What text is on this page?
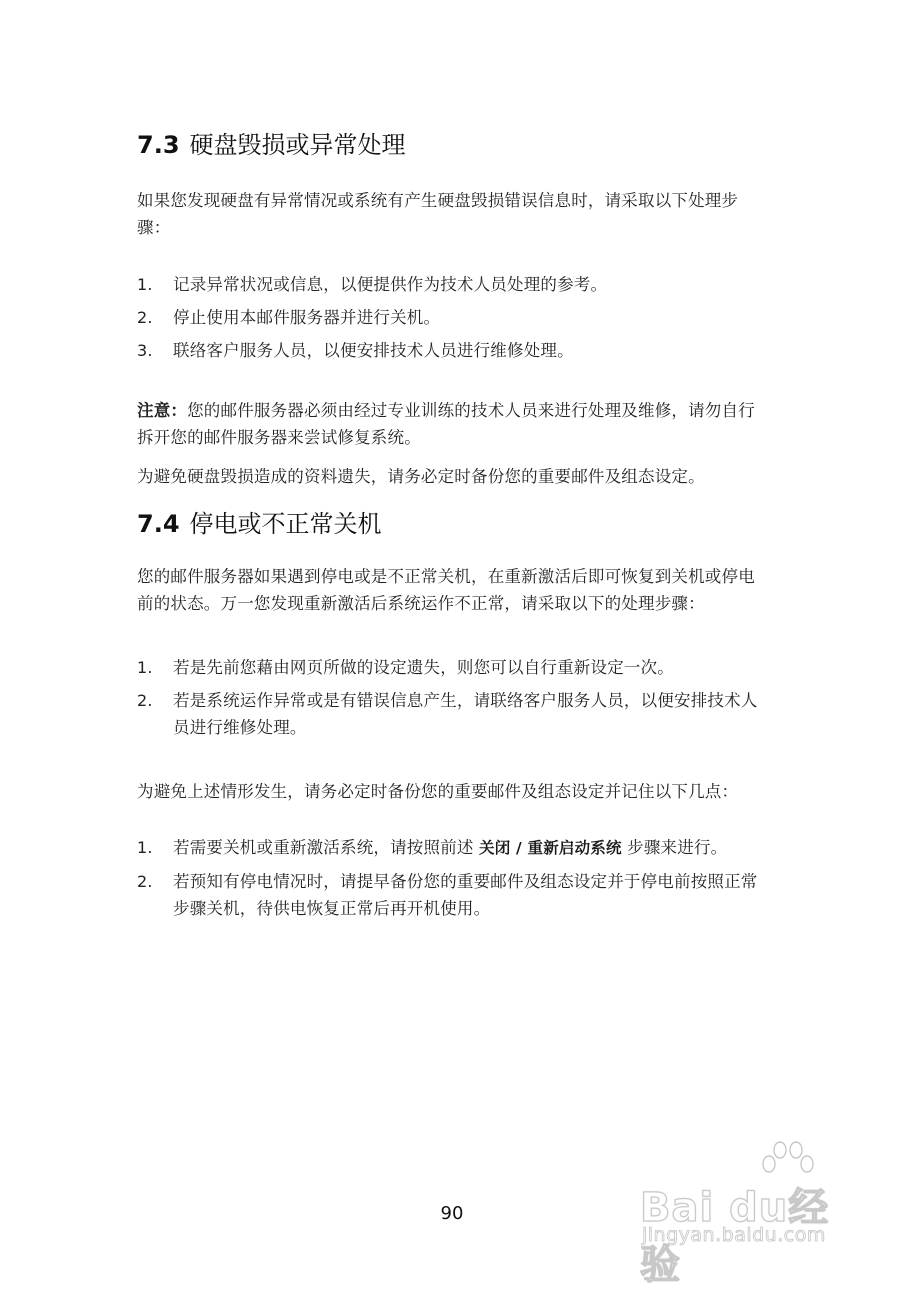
7.3 硬盘毁损或异常处理

如果您发现硬盘有异常情况或系统有产生硬盘毁损错误信息时，请采取以下处理步骤：

1. 记录异常状况或信息，以便提供作为技术人员处理的参考。
2. 停止使用本邮件服务器并进行关机。
3. 联络客户服务人员，以便安排技术人员进行维修处理。

注意：您的邮件服务器必须由经过专业训练的技术人员来进行处理及维修，请勿自行拆开您的邮件服务器来尝试修复系统。

为避免硬盘毁损造成的资料遗失，请务必定时备份您的重要邮件及组态设定。

7.4 停电或不正常关机

您的邮件服务器如果遇到停电或是不正常关机，在重新激活后即可恢复到关机或停电前的状态。万一您发现重新激活后系统运作不正常，请采取以下的处理步骤：

1. 若是先前您藉由网页所做的设定遗失，则您可以自行重新设定一次。
2. 若是系统运作异常或是有错误信息产生，请联络客户服务人员，以便安排技术人员进行维修处理。

为避免上述情形发生，请务必定时备份您的重要邮件及组态设定并记住以下几点：

1. 若需要关机或重新激活系统，请按照前述 关闭 / 重新启动系统 步骤来进行。
2. 若预知有停电情况时，请提早备份您的重要邮件及组态设定并于停电前按照正常步骤关机，待供电恢复正常后再开机使用。
90	Bai du经验
jingyan.baidu.com
